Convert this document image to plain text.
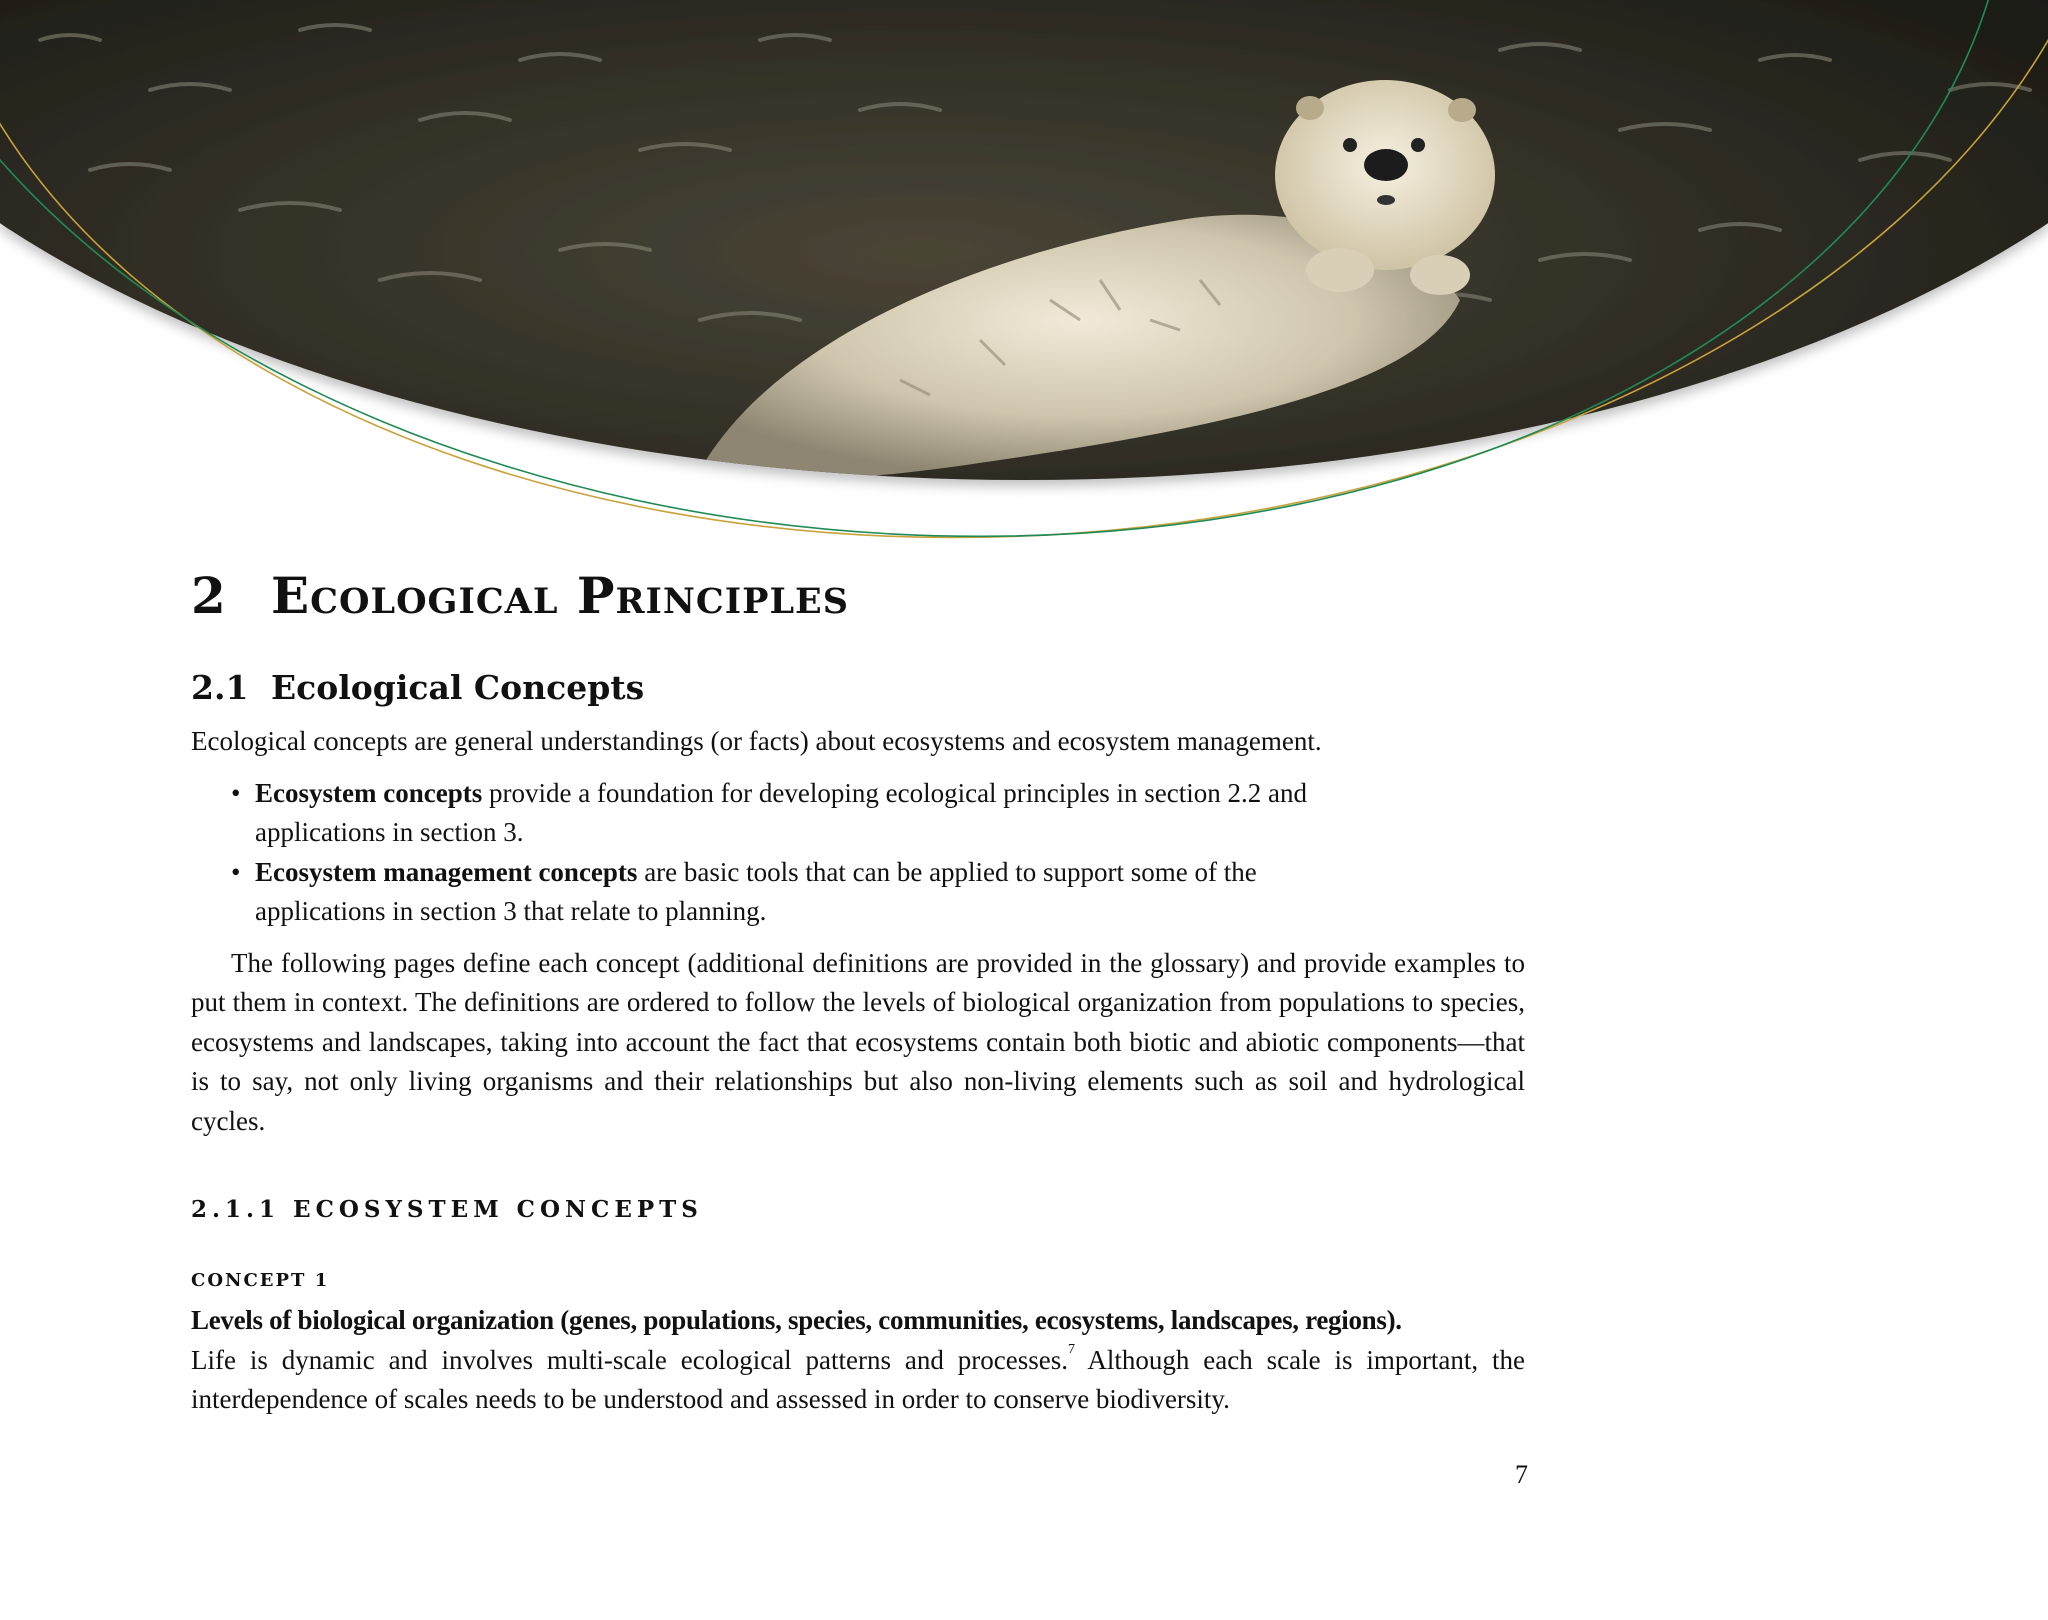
2 Ecological Principles
2.1 Ecological Concepts

Ecological concepts are general understandings (or facts) about ecosystems and ecosystem management.

• Ecosystem concepts provide a foundation for developing ecological principles in section 2.2 and applications in section 3.
• Ecosystem management concepts are basic tools that can be applied to support some of the applications in section 3 that relate to planning.

The following pages define each concept (additional definitions are provided in the glossary) and provide examples to put them in context. The definitions are ordered to follow the levels of biological organization from populations to species, ecosystems and landscapes, taking into account the fact that ecosystems contain both biotic and abiotic components—that is to say, not only living organisms and their relationships but also non-living elements such as soil and hydrological cycles.

2.1.1 ECOSYSTEM CONCEPTS
CONCEPT 1

Levels of biological organization (genes, populations, species, communities, ecosystems, landscapes, regions).

Life is dynamic and involves multi-scale ecological patterns and processes.$^7$ Although each scale is important, the interdependence of scales needs to be understood and assessed in order to conserve biodiversity.

7
